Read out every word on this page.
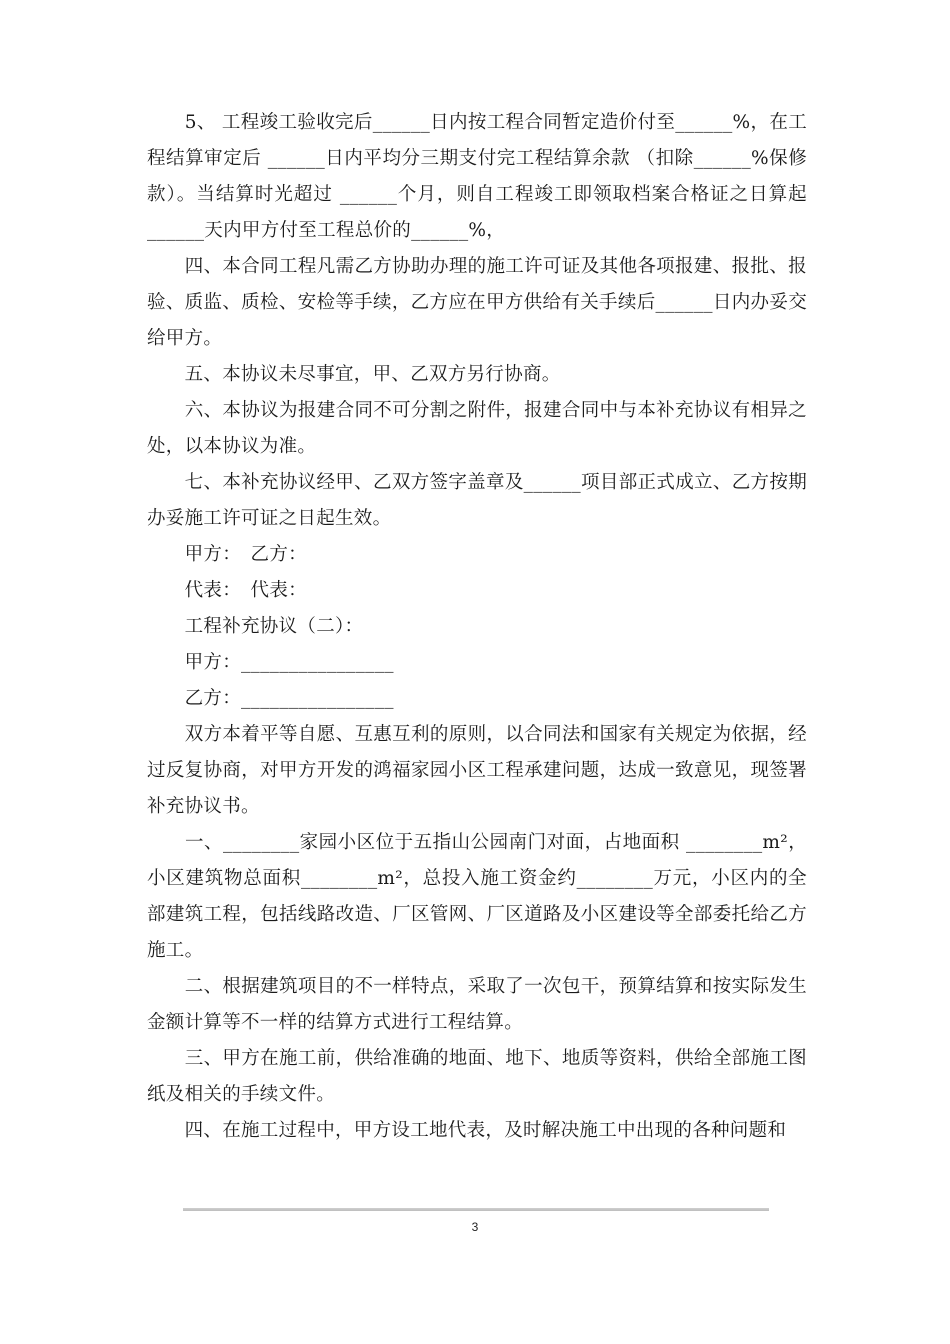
　　5、 工程竣工验收完后______日内按工程合同暂定造价付至______%，在工程结算审定后 ______日内平均分三期支付完工程结算余款 （扣除______%保修款）。当结算时光超过 ______个月，则自工程竣工即领取档案合格证之日算起______天内甲方付至工程总价的______%，

　　四、本合同工程凡需乙方协助办理的施工许可证及其他各项报建、报批、报验、质监、质检、安检等手续，乙方应在甲方供给有关手续后______日内办妥交给甲方。

　　五、本协议未尽事宜，甲、乙双方另行协商。

　　六、本协议为报建合同不可分割之附件，报建合同中与本补充协议有相异之处，以本协议为准。

　　七、本补充协议经甲、乙双方签字盖章及______项目部正式成立、乙方按期办妥施工许可证之日起生效。

　　甲方：　乙方：

　　代表：　代表：

　　工程补充协议（二）：

　　甲方：________________

　　乙方：________________

　　双方本着平等自愿、互惠互利的原则，以合同法和国家有关规定为依据，经过反复协商，对甲方开发的鸿福家园小区工程承建问题，达成一致意见，现签署补充协议书。

　　一、________家园小区位于五指山公园南门对面，占地面积 ________m²，小区建筑物总面积________m²，总投入施工资金约________万元，小区内的全部建筑工程，包括线路改造、厂区管网、厂区道路及小区建设等全部委托给乙方施工。

　　二、根据建筑项目的不一样特点，采取了一次包干，预算结算和按实际发生金额计算等不一样的结算方式进行工程结算。

　　三、甲方在施工前，供给准确的地面、地下、地质等资料，供给全部施工图纸及相关的手续文件。

　　四、在施工过程中，甲方设工地代表，及时解决施工中出现的各种问题和

3
